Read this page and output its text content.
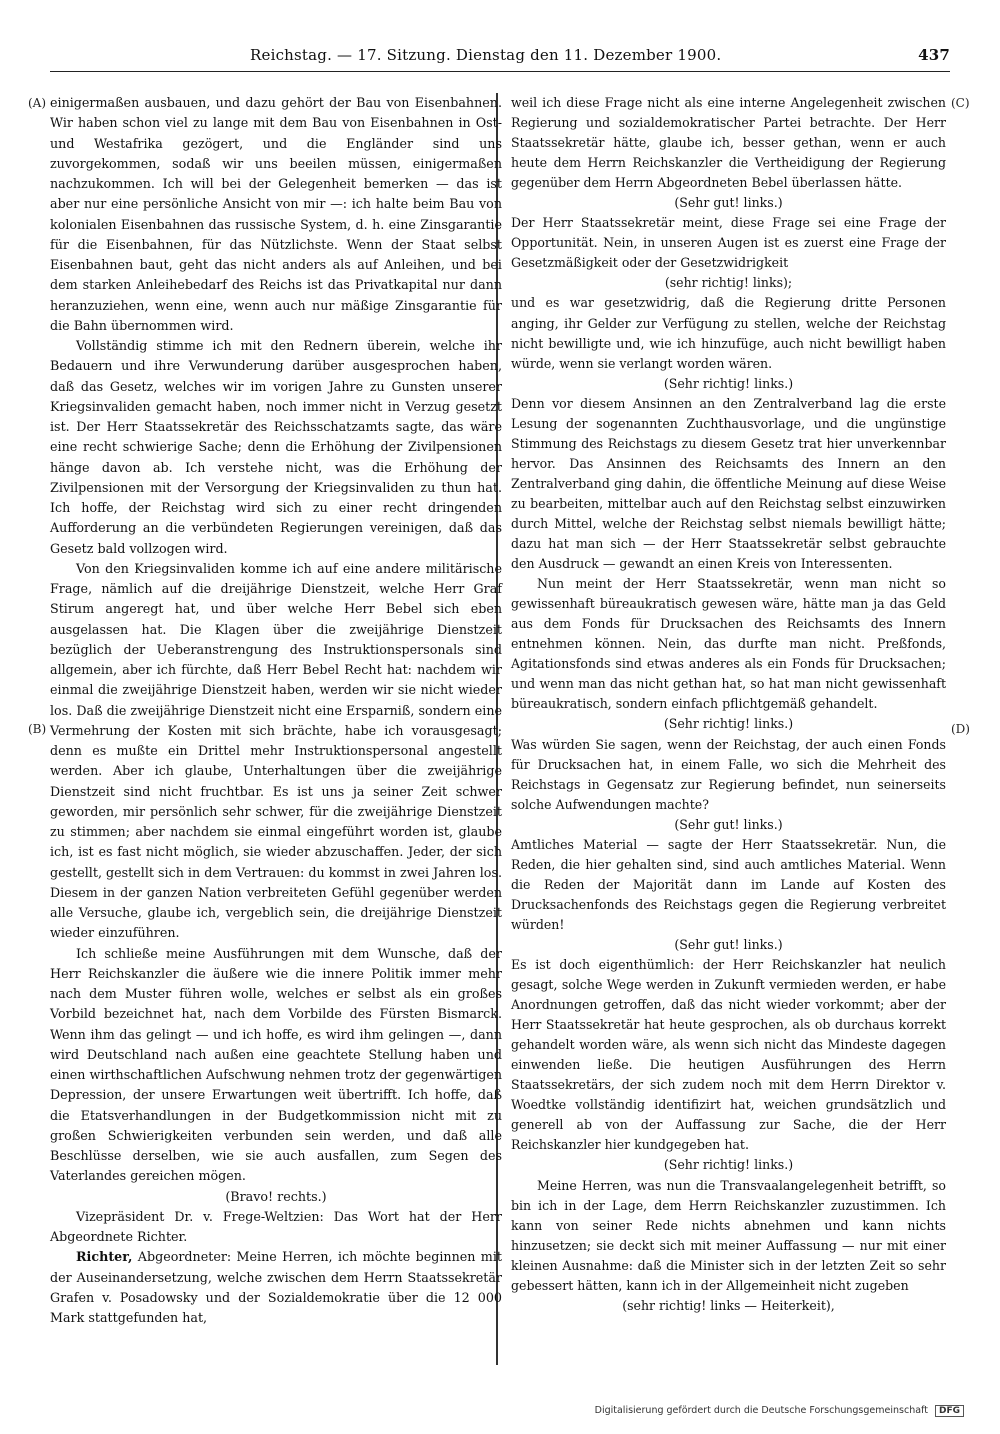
Reichstag. — 17. Sitzung. Dienstag den 11. Dezember 1900.	437
(A)
(B)
(C)
(D)

einigermaßen ausbauen, und dazu gehört der Bau von Eisenbahnen. Wir haben schon viel zu lange mit dem Bau von Eisenbahnen in Ost- und Westafrika gezögert, und die Engländer sind uns zuvorgekommen, sodaß wir uns beeilen müssen, einigermaßen nachzukommen. Ich will bei der Gelegenheit bemerken — das ist aber nur eine persönliche Ansicht von mir —: ich halte beim Bau von kolonialen Eisenbahnen das russische System, d. h. eine Zinsgarantie für die Eisenbahnen, für das Nützlichste. Wenn der Staat selbst Eisenbahnen baut, geht das nicht anders als auf Anleihen, und bei dem starken Anleihebedarf des Reichs ist das Privatkapital nur dann heranzuziehen, wenn eine, wenn auch nur mäßige Zinsgarantie für die Bahn übernommen wird.

Vollständig stimme ich mit den Rednern überein, welche ihr Bedauern und ihre Verwunderung darüber ausgesprochen haben, daß das Gesetz, welches wir im vorigen Jahre zu Gunsten unserer Kriegsinvaliden gemacht haben, noch immer nicht in Verzug gesetzt ist. Der Herr Staatssekretär des Reichsschatzamts sagte, das wäre eine recht schwierige Sache; denn die Erhöhung der Zivilpensionen hänge davon ab. Ich verstehe nicht, was die Erhöhung der Zivilpensionen mit der Versorgung der Kriegsinvaliden zu thun hat. Ich hoffe, der Reichstag wird sich zu einer recht dringenden Aufforderung an die verbündeten Regierungen vereinigen, daß das Gesetz bald vollzogen wird.

Von den Kriegsinvaliden komme ich auf eine andere militärische Frage, nämlich auf die dreijährige Dienstzeit, welche Herr Graf Stirum angeregt hat, und über welche Herr Bebel sich eben ausgelassen hat. Die Klagen über die zweijährige Dienstzeit bezüglich der Ueberanstrengung des Instruktionspersonals sind allgemein, aber ich fürchte, daß Herr Bebel Recht hat: nachdem wir einmal die zweijährige Dienstzeit haben, werden wir sie nicht wieder los. Daß die zweijährige Dienstzeit nicht eine Ersparniß, sondern eine Vermehrung der Kosten mit sich brächte, habe ich vorausgesagt; denn es mußte ein Drittel mehr Instruktionspersonal angestellt werden. Aber ich glaube, Unterhaltungen über die zweijährige Dienstzeit sind nicht fruchtbar. Es ist uns ja seiner Zeit schwer geworden, mir persönlich sehr schwer, für die zweijährige Dienstzeit zu stimmen; aber nachdem sie einmal eingeführt worden ist, glaube ich, ist es fast nicht möglich, sie wieder abzuschaffen. Jeder, der sich gestellt, gestellt sich in dem Vertrauen: du kommst in zwei Jahren los. Diesem in der ganzen Nation verbreiteten Gefühl gegenüber werden alle Versuche, glaube ich, vergeblich sein, die dreijährige Dienstzeit wieder einzuführen.

Ich schließe meine Ausführungen mit dem Wunsche, daß der Herr Reichskanzler die äußere wie die innere Politik immer mehr nach dem Muster führen wolle, welches er selbst als ein großes Vorbild bezeichnet hat, nach dem Vorbilde des Fürsten Bismarck. Wenn ihm das gelingt — und ich hoffe, es wird ihm gelingen —, dann wird Deutschland nach außen eine geachtete Stellung haben und einen wirthschaftlichen Aufschwung nehmen trotz der gegenwärtigen Depression, der unsere Erwartungen weit übertrifft. Ich hoffe, daß die Etatsverhandlungen in der Budgetkommission nicht mit zu großen Schwierigkeiten verbunden sein werden, und daß alle Beschlüsse derselben, wie sie auch ausfallen, zum Segen des Vaterlandes gereichen mögen.

(Bravo! rechts.)

Vizepräsident Dr. v. Frege-Weltzien: Das Wort hat der Herr Abgeordnete Richter.

Richter, Abgeordneter: Meine Herren, ich möchte beginnen mit der Auseinandersetzung, welche zwischen dem Herrn Staatssekretär Grafen v. Posadowsky und der Sozialdemokratie über die 12 000 Mark stattgefunden hat,

weil ich diese Frage nicht als eine interne Angelegenheit zwischen Regierung und sozialdemokratischer Partei betrachte. Der Herr Staatssekretär hätte, glaube ich, besser gethan, wenn er auch heute dem Herrn Reichskanzler die Vertheidigung der Regierung gegenüber dem Herrn Abgeordneten Bebel überlassen hätte.

(Sehr gut! links.)

Der Herr Staatssekretär meint, diese Frage sei eine Frage der Opportunität. Nein, in unseren Augen ist es zuerst eine Frage der Gesetzmäßigkeit oder der Gesetzwidrigkeit

(sehr richtig! links);

und es war gesetzwidrig, daß die Regierung dritte Personen anging, ihr Gelder zur Verfügung zu stellen, welche der Reichstag nicht bewilligte und, wie ich hinzufüge, auch nicht bewilligt haben würde, wenn sie verlangt worden wären.

(Sehr richtig! links.)

Denn vor diesem Ansinnen an den Zentralverband lag die erste Lesung der sogenannten Zuchthausvorlage, und die ungünstige Stimmung des Reichstags zu diesem Gesetz trat hier unverkennbar hervor. Das Ansinnen des Reichsamts des Innern an den Zentralverband ging dahin, die öffentliche Meinung auf diese Weise zu bearbeiten, mittelbar auch auf den Reichstag selbst einzuwirken durch Mittel, welche der Reichstag selbst niemals bewilligt hätte; dazu hat man sich — der Herr Staatssekretär selbst gebrauchte den Ausdruck — gewandt an einen Kreis von Interessenten.

Nun meint der Herr Staatssekretär, wenn man nicht so gewissenhaft büreaukratisch gewesen wäre, hätte man ja das Geld aus dem Fonds für Drucksachen des Reichsamts des Innern entnehmen können. Nein, das durfte man nicht. Preßfonds, Agitationsfonds sind etwas anderes als ein Fonds für Drucksachen; und wenn man das nicht gethan hat, so hat man nicht gewissenhaft büreaukratisch, sondern einfach pflichtgemäß gehandelt.

(Sehr richtig! links.)

Was würden Sie sagen, wenn der Reichstag, der auch einen Fonds für Drucksachen hat, in einem Falle, wo sich die Mehrheit des Reichstags in Gegensatz zur Regierung befindet, nun seinerseits solche Aufwendungen machte?

(Sehr gut! links.)

Amtliches Material — sagte der Herr Staatssekretär. Nun, die Reden, die hier gehalten sind, sind auch amtliches Material. Wenn die Reden der Majorität dann im Lande auf Kosten des Drucksachenfonds des Reichstags gegen die Regierung verbreitet würden!

(Sehr gut! links.)

Es ist doch eigenthümlich: der Herr Reichskanzler hat neulich gesagt, solche Wege werden in Zukunft vermieden werden, er habe Anordnungen getroffen, daß das nicht wieder vorkommt; aber der Herr Staatssekretär hat heute gesprochen, als ob durchaus korrekt gehandelt worden wäre, als wenn sich nicht das Mindeste dagegen einwenden ließe. Die heutigen Ausführungen des Herrn Staatssekretärs, der sich zudem noch mit dem Herrn Direktor v. Woedtke vollständig identifizirt hat, weichen grundsätzlich und generell ab von der Auffassung zur Sache, die der Herr Reichskanzler hier kundgegeben hat.

(Sehr richtig! links.)

Meine Herren, was nun die Transvaalangelegenheit betrifft, so bin ich in der Lage, dem Herrn Reichskanzler zuzustimmen. Ich kann von seiner Rede nichts abnehmen und kann nichts hinzusetzen; sie deckt sich mit meiner Auffassung — nur mit einer kleinen Ausnahme: daß die Minister sich in der letzten Zeit so sehr gebessert hätten, kann ich in der Allgemeinheit nicht zugeben

(sehr richtig! links — Heiterkeit),

Digitalisierung gefördert durch die Deutsche Forschungsgemeinschaft DFG
